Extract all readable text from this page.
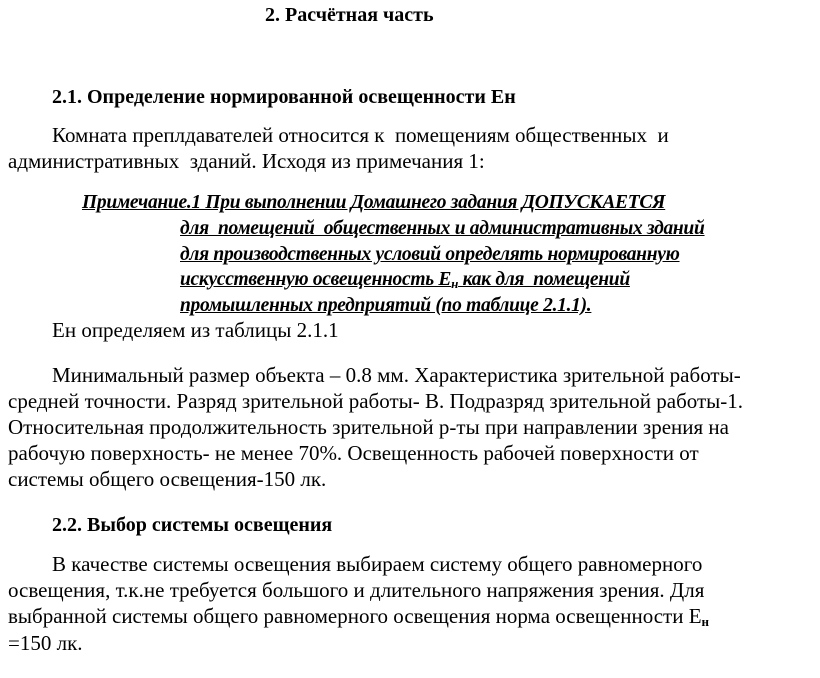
2. Расчётная часть
2.1. Определение нормированной освещенности Ен
Комната преплдавателей относится к  помещениям общественных  и
административных  зданий. Исходя из примечания 1:
Примечание.1 При выполнении Домашнего задания ДОПУСКАЕТСЯ
для  помещений  общественных и административных зданий
для производственных условий определять нормированную
искусственную освещенность $Е_н$ как для  помещений
промышленных предприятий (по таблице 2.1.1).
Ен определяем из таблицы 2.1.1
Минимальный размер объекта – 0.8 мм. Характеристика зрительной работы-
средней точности. Разряд зрительной работы- В. Подразряд зрительной работы-1.
Относительная продолжительность зрительной р-ты при направлении зрения на
рабочую поверхность- не менее 70%. Освещенность рабочей поверхности от
системы общего освещения-150 лк.
2.2. Выбор системы освещения
В качестве системы освещения выбираем систему общего равномерного
освещения, т.к.не требуется большого и длительного напряжения зрения. Для
выбранной системы общего равномерного освещения норма освещенности $Е_н$
=150 лк.
